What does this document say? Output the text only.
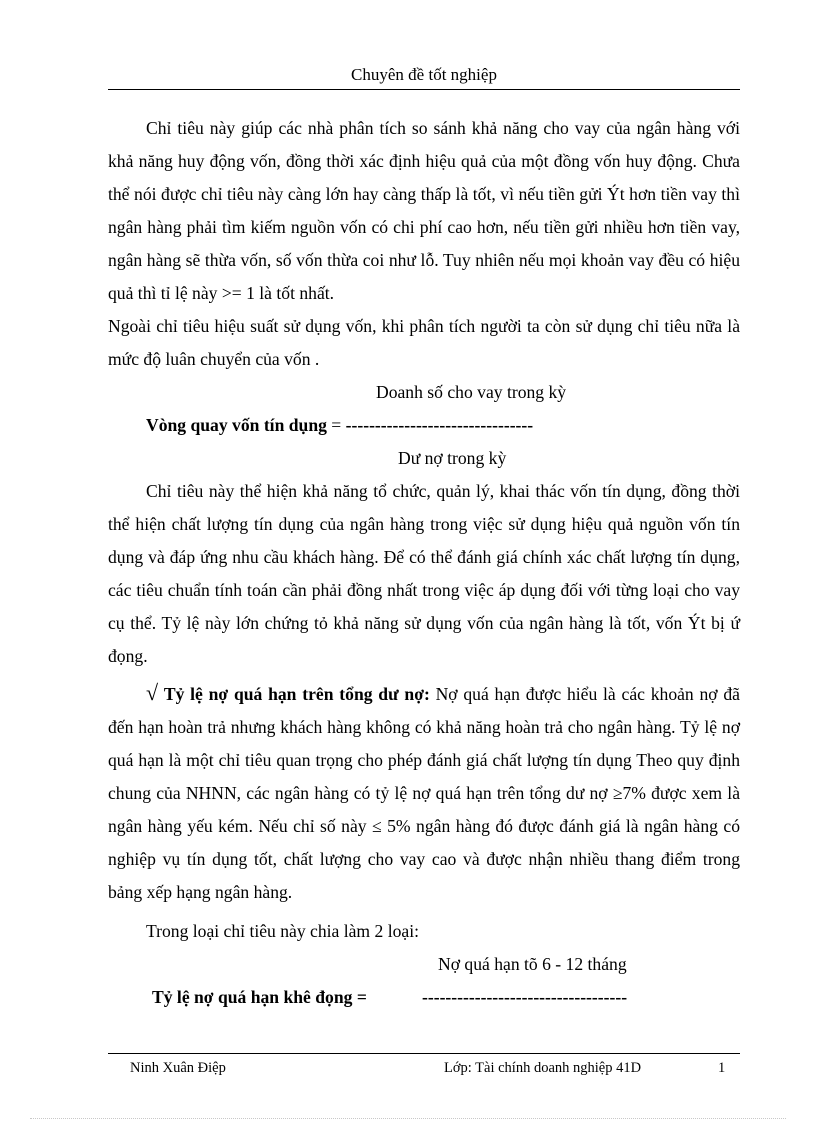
Chuyên đề tốt nghiệp

Chỉ tiêu này giúp các nhà phân tích so sánh khả năng cho vay của ngân hàng với khả năng huy động vốn, đồng thời xác định hiệu quả của một đồng vốn huy động. Chưa thể nói được chỉ tiêu này càng lớn hay càng thấp là tốt, vì nếu tiền gửi Ýt hơn tiền vay thì ngân hàng phải tìm kiếm nguồn vốn có chi phí cao hơn, nếu tiền gửi nhiều hơn tiền vay, ngân hàng sẽ thừa vốn, số vốn thừa coi như lỗ. Tuy nhiên nếu mọi khoản vay đều có hiệu quả thì tỉ lệ này >= 1 là tốt nhất.

Ngoài chỉ tiêu hiệu suất sử dụng vốn, khi phân tích người ta còn sử dụng chỉ tiêu nữa là mức độ luân chuyển của vốn .

Doanh số cho vay trong kỳ
Vòng quay vốn tín dụng = --------------------------------
Dư nợ trong kỳ

Chỉ tiêu này thể hiện khả năng tổ chức, quản lý, khai thác vốn tín dụng, đồng thời thể hiện chất lượng tín dụng của ngân hàng trong việc sử dụng hiệu quả nguồn vốn tín dụng và đáp ứng nhu cầu khách hàng. Để có thể đánh giá chính xác chất lượng tín dụng, các tiêu chuẩn tính toán cần phải đồng nhất trong việc áp dụng đối với từng loại cho vay cụ thể. Tỷ lệ này lớn chứng tỏ khả năng sử dụng vốn của ngân hàng là tốt, vốn Ýt bị ứ đọng.

√ Tỷ lệ nợ quá hạn trên tổng dư nợ: Nợ quá hạn được hiểu là các khoản nợ đã đến hạn hoàn trả nhưng khách hàng không có khả năng hoàn trả cho ngân hàng. Tỷ lệ nợ quá hạn là một chỉ tiêu quan trọng cho phép đánh giá chất lượng tín dụng Theo quy định chung của NHNN, các ngân hàng có tỷ lệ nợ quá hạn trên tổng dư nợ ≥7% được xem là ngân hàng yếu kém. Nếu chỉ số này ≤ 5% ngân hàng đó được đánh giá là ngân hàng có nghiệp vụ tín dụng tốt, chất lượng cho vay cao và được nhận nhiều thang điểm trong bảng xếp hạng ngân hàng.

Trong loại chỉ tiêu này chia làm 2 loại:

Nợ quá hạn tõ 6 - 12 tháng
Tỷ lệ nợ quá hạn khê đọng =	-----------------------------------
Ninh Xuân Điệp	Lớp: Tài chính doanh nghiệp 41D	1
